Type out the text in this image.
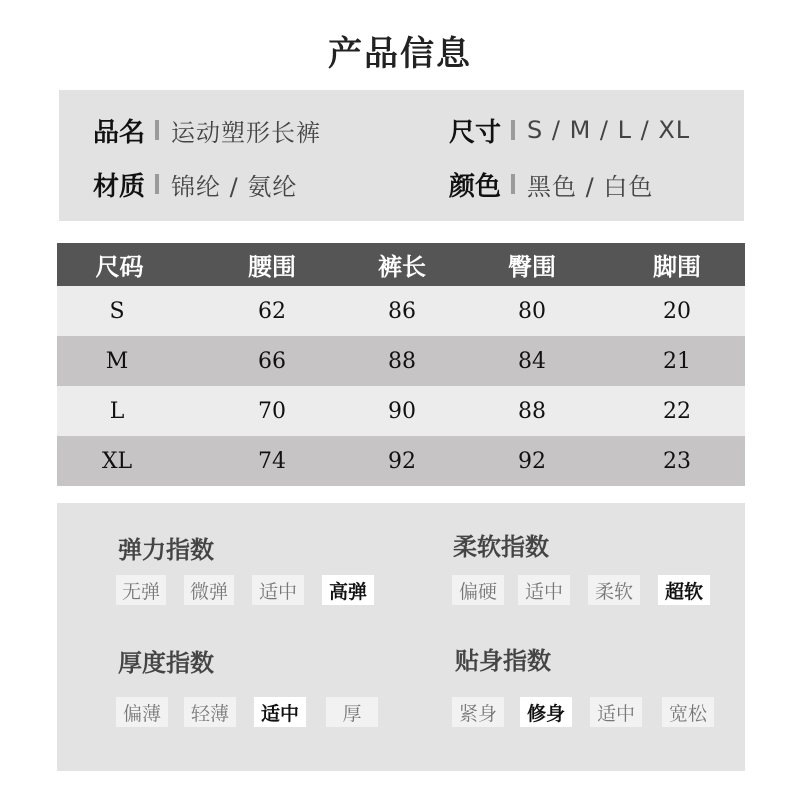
产品信息
品名 运动塑形长裤	尺寸 S / M / L / XL
材质 锦纶 / 氨纶	颜色 黑色 / 白色
尺码	腰围	裤长	臀围	脚围
S	62	86	80	20
M	66	88	84	21
L	70	90	88	22
XL	74	92	92	23
弹力指数
无弹	微弹	适中	高弹
柔软指数
偏硬	适中	柔软	超软
厚度指数
偏薄	轻薄	适中	厚
贴身指数
紧身	修身	适中	宽松
